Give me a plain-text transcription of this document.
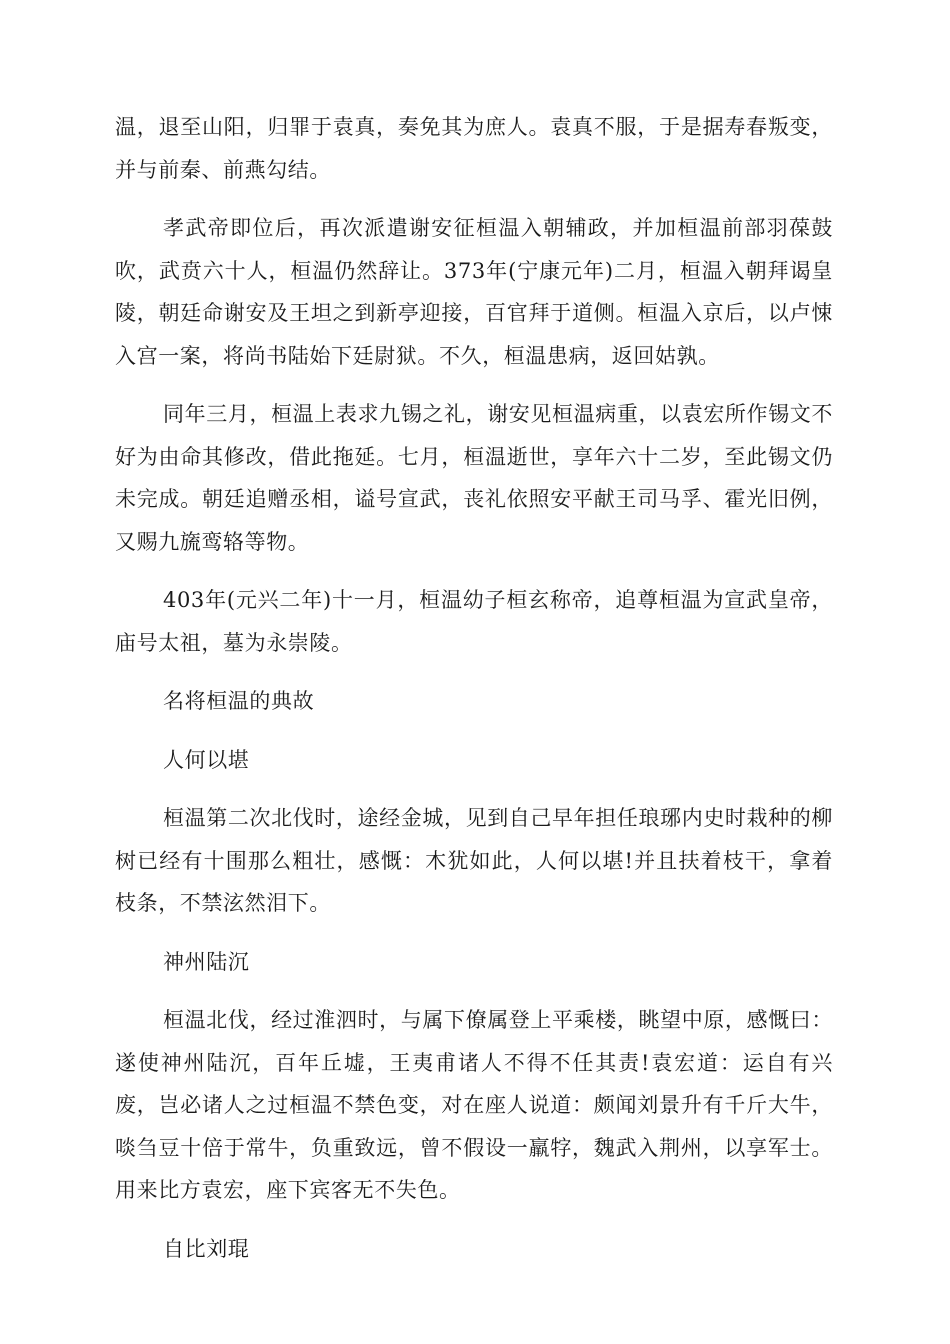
温，退至山阳，归罪于袁真，奏免其为庶人。袁真不服，于是据寿春叛变，并与前秦、前燕勾结。

孝武帝即位后，再次派遣谢安征桓温入朝辅政，并加桓温前部羽葆鼓吹，武贲六十人，桓温仍然辞让。373年(宁康元年)二月，桓温入朝拜谒皇陵，朝廷命谢安及王坦之到新亭迎接，百官拜于道侧。桓温入京后，以卢悚入宫一案，将尚书陆始下廷尉狱。不久，桓温患病，返回姑孰。

同年三月，桓温上表求九锡之礼，谢安见桓温病重，以袁宏所作锡文不好为由命其修改，借此拖延。七月，桓温逝世，享年六十二岁，至此锡文仍未完成。朝廷追赠丞相，谥号宣武，丧礼依照安平献王司马孚、霍光旧例，又赐九旒鸾辂等物。

403年(元兴二年)十一月，桓温幼子桓玄称帝，追尊桓温为宣武皇帝，庙号太祖，墓为永崇陵。

名将桓温的典故

人何以堪

桓温第二次北伐时，途经金城，见到自己早年担任琅琊内史时栽种的柳树已经有十围那么粗壮，感慨：木犹如此，人何以堪!并且扶着枝干，拿着枝条，不禁泫然泪下。

神州陆沉

桓温北伐，经过淮泗时，与属下僚属登上平乘楼，眺望中原，感慨曰：遂使神州陆沉，百年丘墟，王夷甫诸人不得不任其责!袁宏道：运自有兴废，岂必诸人之过桓温不禁色变，对在座人说道：颇闻刘景升有千斤大牛，啖刍豆十倍于常牛，负重致远，曾不假设一羸牸，魏武入荆州，以享军士。用来比方袁宏，座下宾客无不失色。

自比刘琨
